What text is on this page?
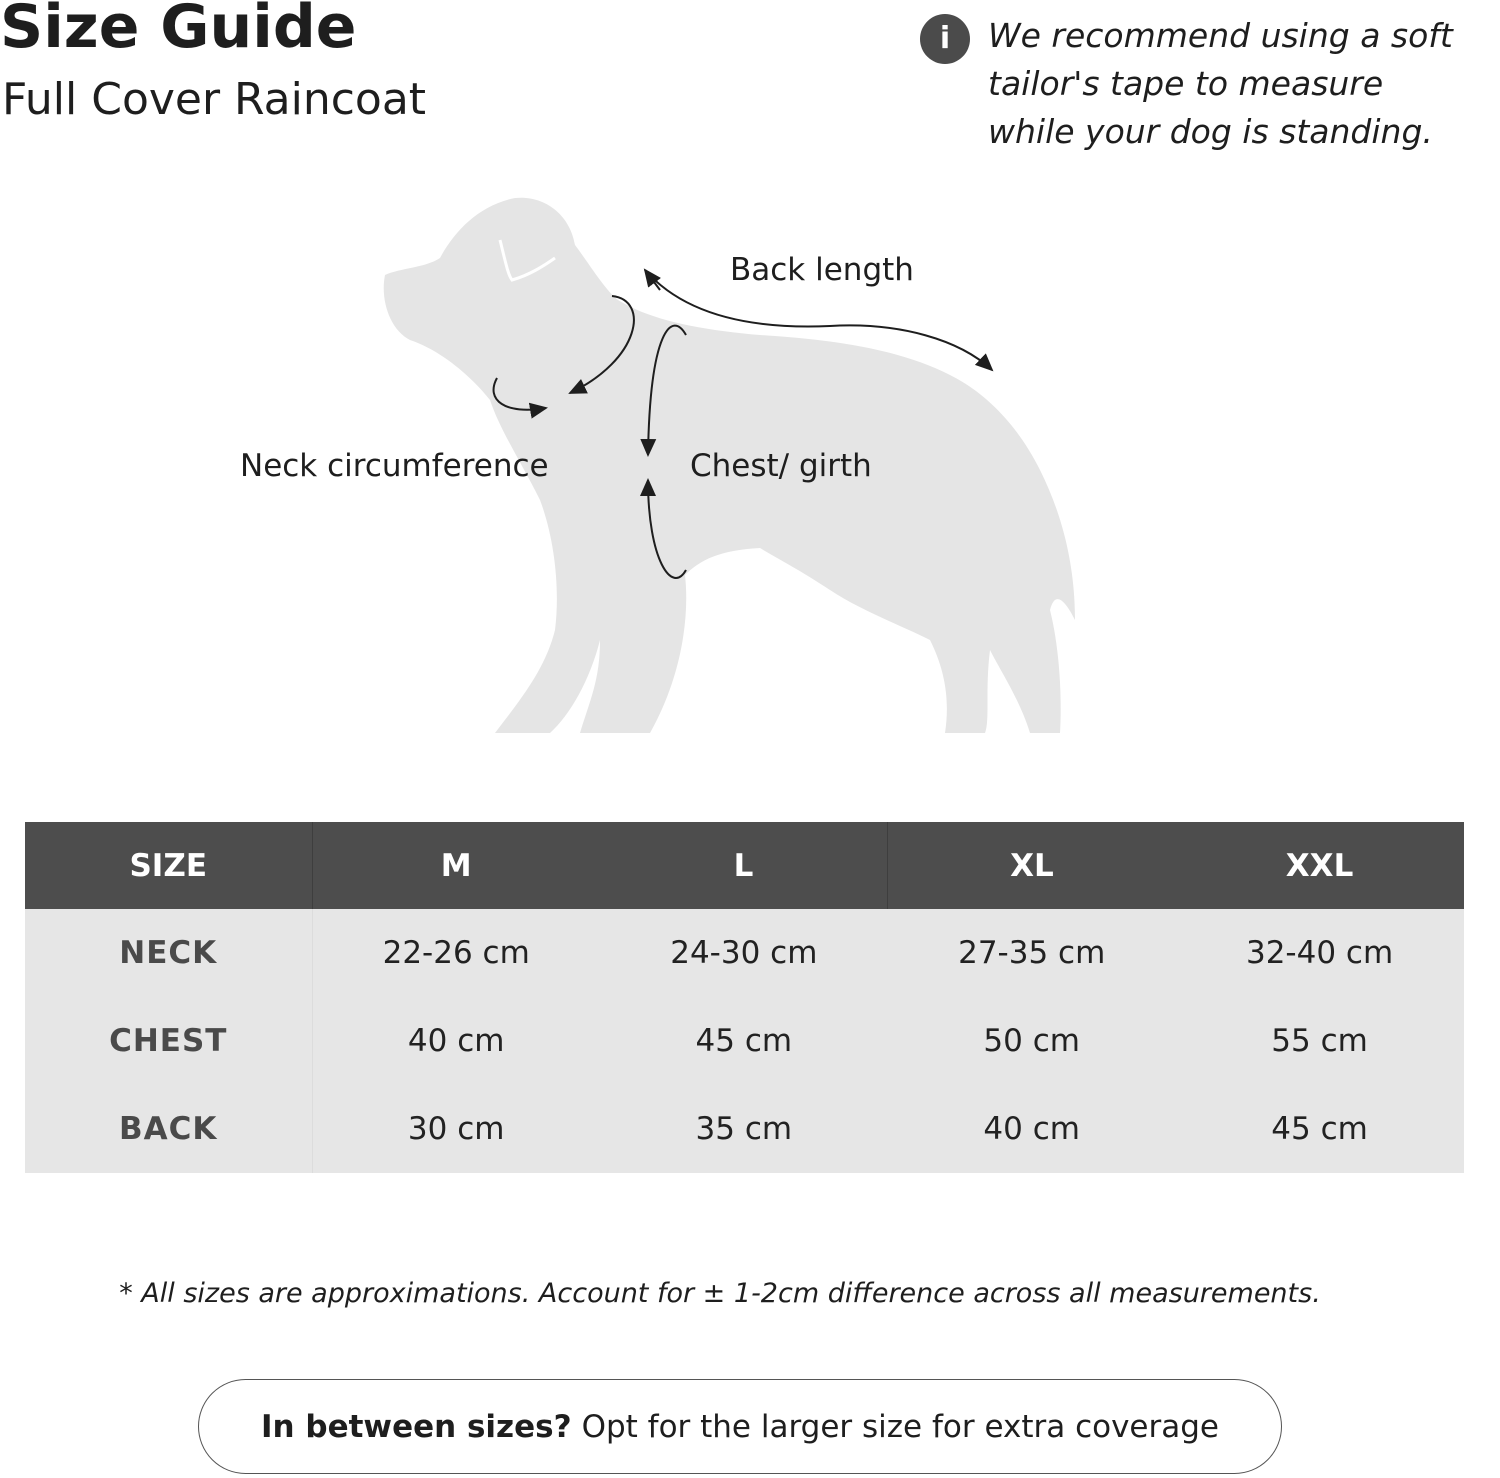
Size Guide
Full Cover Raincoat
i	We recommend using a soft
tailor's tape to measure
while your dog is standing.
Back length
Neck circumference	Chest/ girth
SIZE	M	L	XL	XXL
NECK	22-26 cm	24-30 cm	27-35 cm	32-40 cm
CHEST	40 cm	45 cm	50 cm	55 cm
BACK	30 cm	35 cm	40 cm	45 cm
* All sizes are approximations. Account for ± 1-2cm difference across all measurements.
In between sizes? Opt for the larger size for extra coverage
